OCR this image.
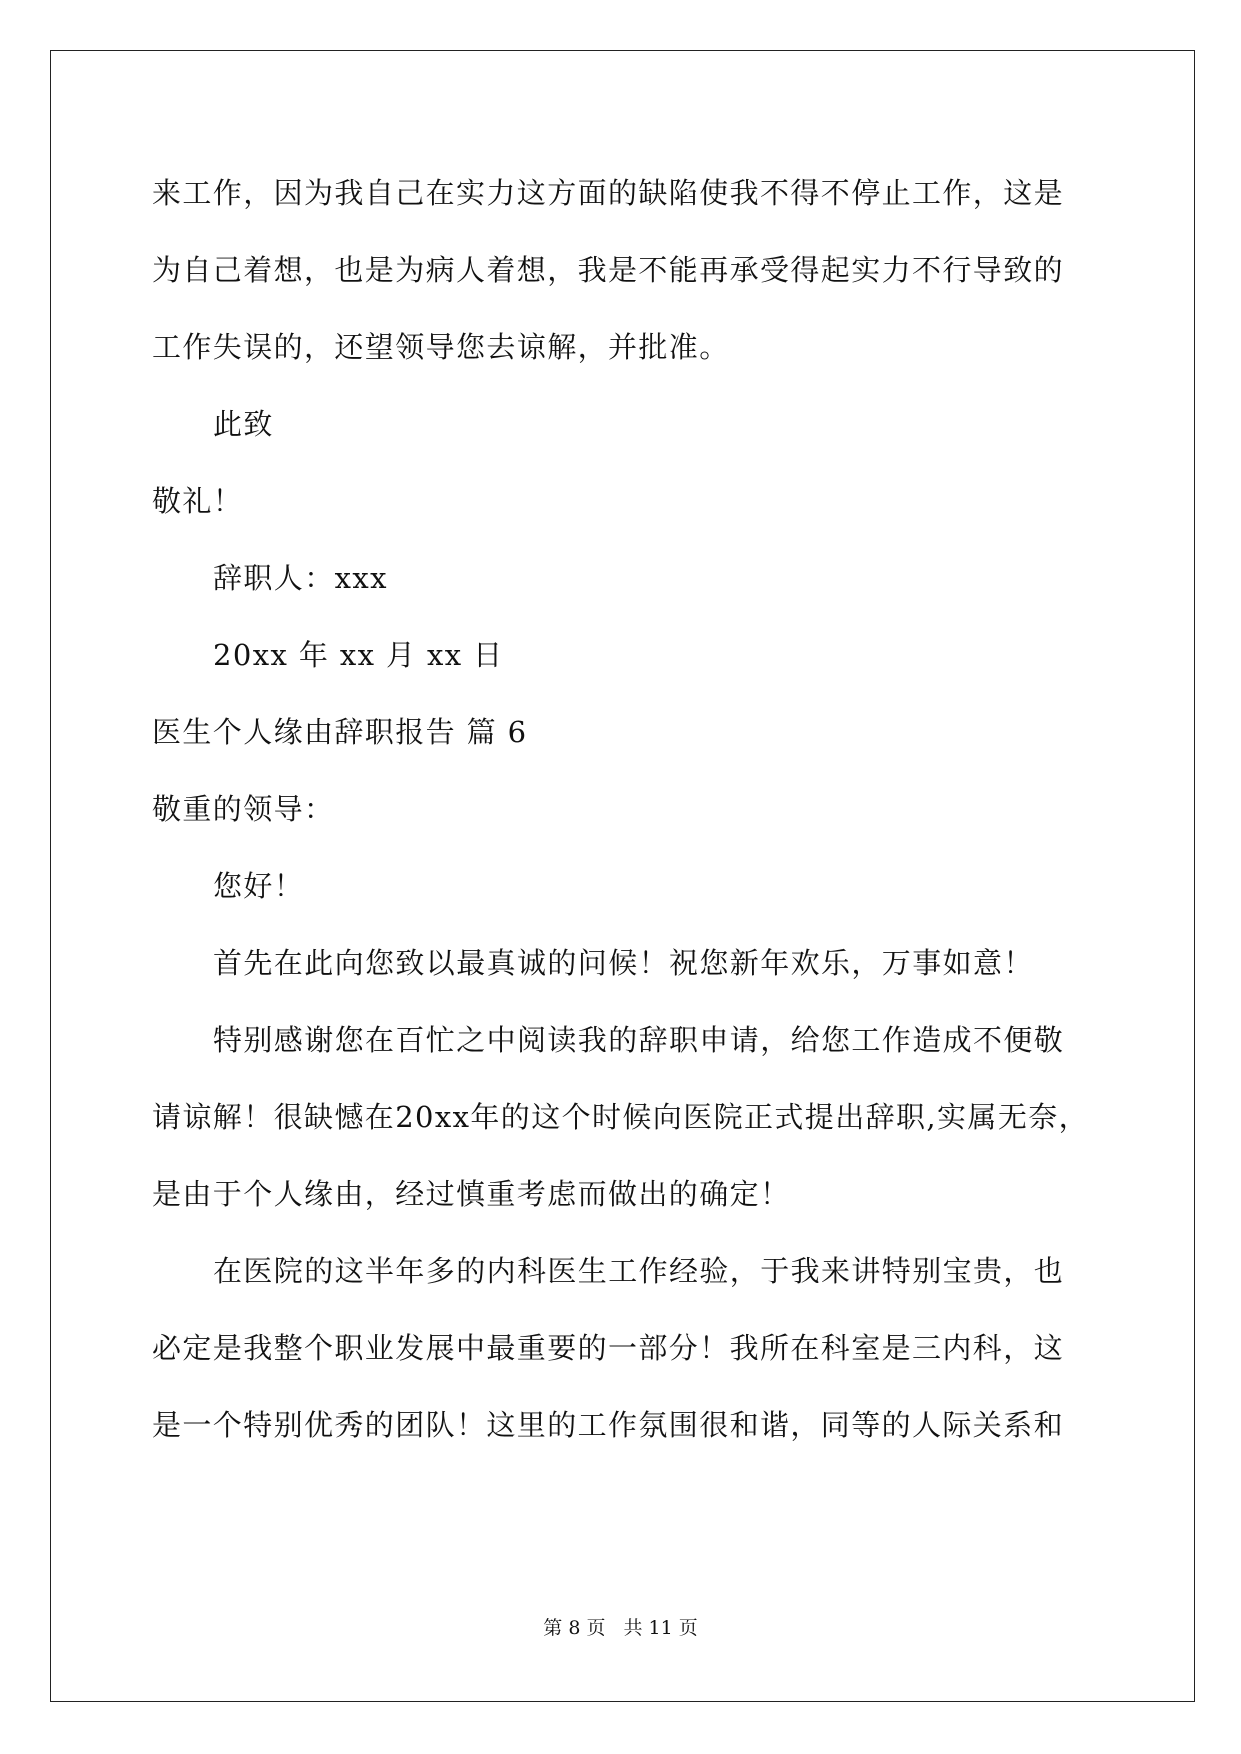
来工作，因为我自己在实力这方面的缺陷使我不得不停止工作，这是
为自己着想，也是为病人着想，我是不能再承受得起实力不行导致的
工作失误的，还望领导您去谅解，并批准。
此致
敬礼！
辞职人：xxx
20xx 年 xx 月 xx 日
医生个人缘由辞职报告 篇 6
敬重的领导：
您好！
首先在此向您致以最真诚的问候！祝您新年欢乐，万事如意！
特别感谢您在百忙之中阅读我的辞职申请，给您工作造成不便敬
请谅解！很缺憾在20xx年的这个时候向医院正式提出辞职,实属无奈，
是由于个人缘由，经过慎重考虑而做出的确定！
在医院的这半年多的内科医生工作经验，于我来讲特别宝贵，也
必定是我整个职业发展中最重要的一部分！我所在科室是三内科，这
是一个特别优秀的团队！这里的工作氛围很和谐，同等的人际关系和
第 8 页 共 11 页
